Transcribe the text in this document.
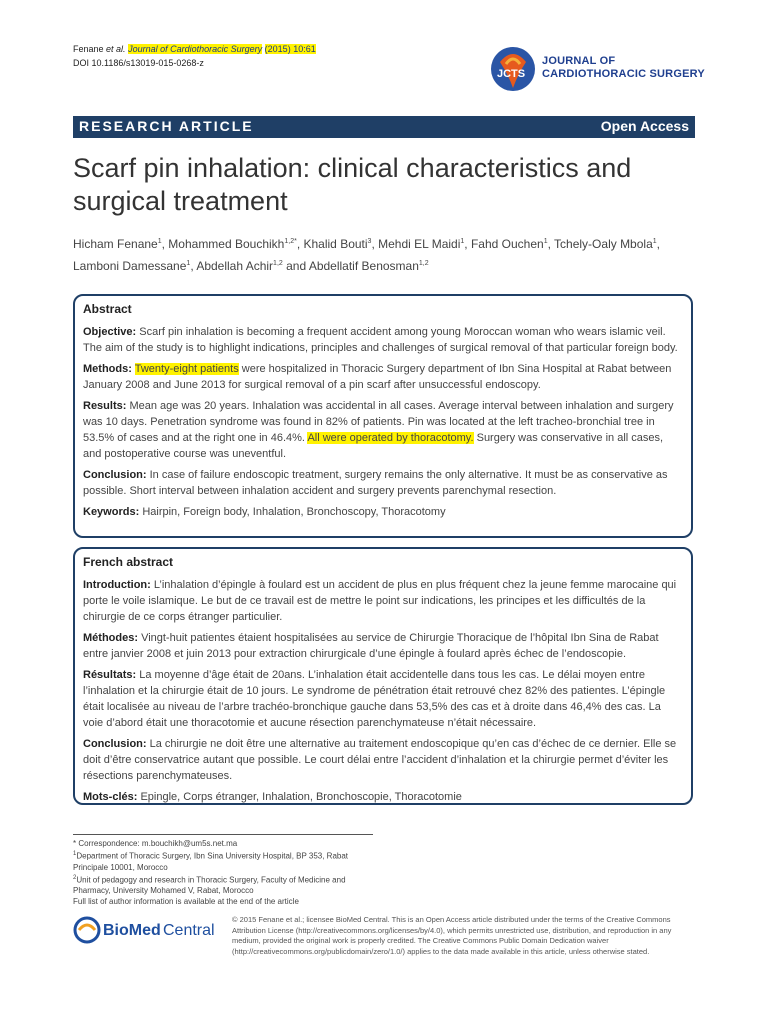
Fenane et al. Journal of Cardiothoracic Surgery (2015) 10:61
DOI 10.1186/s13019-015-0268-z
JCTS
JOURNAL OF
CARDIOTHORACIC SURGERY
RESEARCH ARTICLE	Open Access
Scarf pin inhalation: clinical characteristics and surgical treatment
Hicham Fenane$^1$, Mohammed Bouchikh$^{1,2*}$, Khalid Bouti$^3$, Mehdi EL Maidi$^1$, Fahd Ouchen$^1$, Tchely-Oaly Mbola$^1$, Lamboni Damessane$^1$, Abdellah Achir$^{1,2}$ and Abdellatif Benosman$^{1,2}$
Abstract

Objective: Scarf pin inhalation is becoming a frequent accident among young Moroccan woman who wears islamic veil. The aim of the study is to highlight indications, principles and challenges of surgical removal of that particular foreign body.

Methods: Twenty-eight patients were hospitalized in Thoracic Surgery department of Ibn Sina Hospital at Rabat between January 2008 and June 2013 for surgical removal of a pin scarf after unsuccessful endoscopy.

Results: Mean age was 20 years. Inhalation was accidental in all cases. Average interval between inhalation and surgery was 10 days. Penetration syndrome was found in 82% of patients. Pin was located at the left tracheo-bronchial tree in 53.5% of cases and at the right one in 46.4%. All were operated by thoracotomy. Surgery was conservative in all cases, and postoperative course was uneventful.

Conclusion: In case of failure endoscopic treatment, surgery remains the only alternative. It must be as conservative as possible. Short interval between inhalation accident and surgery prevents parenchymal resection.

Keywords: Hairpin, Foreign body, Inhalation, Bronchoscopy, Thoracotomy

French abstract

Introduction: L’inhalation d’épingle à foulard est un accident de plus en plus fréquent chez la jeune femme marocaine qui porte le voile islamique. Le but de ce travail est de mettre le point sur indications, les principes et les difficultés de la chirurgie de ce corps étranger particulier.

Méthodes: Vingt-huit patientes étaient hospitalisées au service de Chirurgie Thoracique de l’hôpital Ibn Sina de Rabat entre janvier 2008 et juin 2013 pour extraction chirurgicale d’une épingle à foulard après échec de l’endoscopie.

Résultats: La moyenne d’âge était de 20ans. L’inhalation était accidentelle dans tous les cas. Le délai moyen entre l’inhalation et la chirurgie était de 10 jours. Le syndrome de pénétration était retrouvé chez 82% des patientes. L’épingle était localisée au niveau de l’arbre trachéo-bronchique gauche dans 53,5% des cas et à droite dans 46,4% des cas. La voie d’abord était une thoracotomie et aucune résection parenchymateuse n’était nécessaire.

Conclusion: La chirurgie ne doit être une alternative au traitement endoscopique qu’en cas d’échec de ce dernier. Elle se doit d’être conservatrice autant que possible. Le court délai entre l’accident d’inhalation et la chirurgie permet d’éviter les résections parenchymateuses.

Mots-clés: Epingle, Corps étranger, Inhalation, Bronchoscopie, Thoracotomie

* Correspondence: m.bouchikh@um5s.net.ma
$^1$Department of Thoracic Surgery, Ibn Sina University Hospital, BP 353, Rabat Principale 10001, Morocco
$^2$Unit of pedagogy and research in Thoracic Surgery, Faculty of Medicine and Pharmacy, University Mohamed V, Rabat, Morocco
Full list of author information is available at the end of the article
BioMed Central
© 2015 Fenane et al.; licensee BioMed Central. This is an Open Access article distributed under the terms of the Creative Commons Attribution License (http://creativecommons.org/licenses/by/4.0), which permits unrestricted use, distribution, and reproduction in any medium, provided the original work is properly credited. The Creative Commons Public Domain Dedication waiver (http://creativecommons.org/publicdomain/zero/1.0/) applies to the data made available in this article, unless otherwise stated.
